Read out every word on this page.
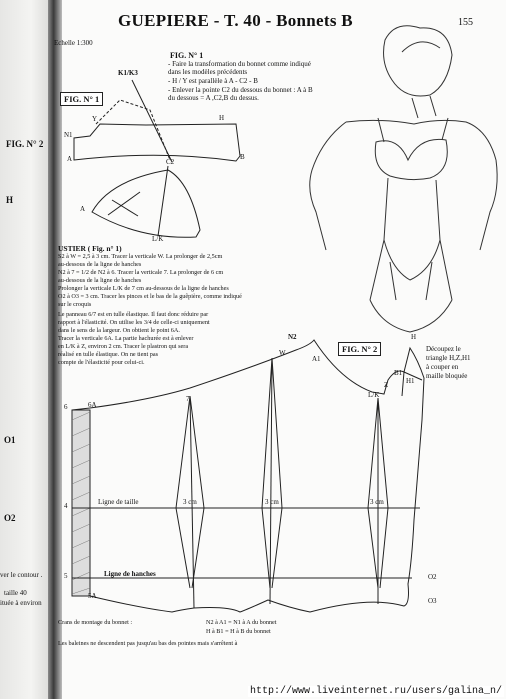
GUEPIERE - T. 40 - Bonnets B	155
Echelle 1:300
FIG. N° 2
H
O1
O2
ver le contour .
taille 40
ituée à environ
FIG. N° 1
FIG. N° 1
- Faire la transformation du bonnet comme indiqué
dans les modèles précédents
- H / Y est parallèle à A - C2 - B
- Enlever la pointe C2 du dessous du bonnet : A à B
du dessous = A ,C2,B du dessus.
K1/K3
N1
Y	H
A	B
C2
A
L/K
USTIER ( Fig. n° 1)
S2 à W = 2,5 à 3 cm. Tracer la verticale W. La prolonger de 2,5cm
au-dessous de la ligne de hanches
N2 à 7 = 1/2 de N2 à 6. Tracer la verticale 7. La prolonger de 6 cm
au-dessous de la ligne de hanches
Prolonger la verticale L/K de 7 cm au-dessous de la ligne de hanches
O2 à O3 = 3 cm. Tracer les pinces et le bas de la guêpière, comme indiqué
sur le croquis
Le panneau 6/7 est en tulle élastique. Il faut donc réduire par
rapport à l'élasticité. On utilise les 3/4 de celle-ci uniquement
dans le sens de la largeur. On obtient le point 6A.
Tracer la verticale 6A. La partie hachurée est à enlever
en L/K à Z, environ 2 cm. Tracer le plastron qui sera
réalisé en tulle élastique. On ne tient pas
compte de l'élasticité pour celui-ci.
FIG. N° 2	Découpez le
triangle H,Z,H1
à couper en
maille bloquée
N2
W
A1
H
B1
H1
Z
L/K
7
6	6A
4
5
5A
O2
O3
3 cm	3 cm	3 cm
Ligne de taille
Ligne de hanches
Crans de montage du bonnet :	N2 à A1 = N1 à A du bonnet
H à B1 = H à B du bonnet
Les baleines ne descendent pas jusqu'au bas des pointes mais s'arrêtent à
http://www.liveinternet.ru/users/galina_n/
